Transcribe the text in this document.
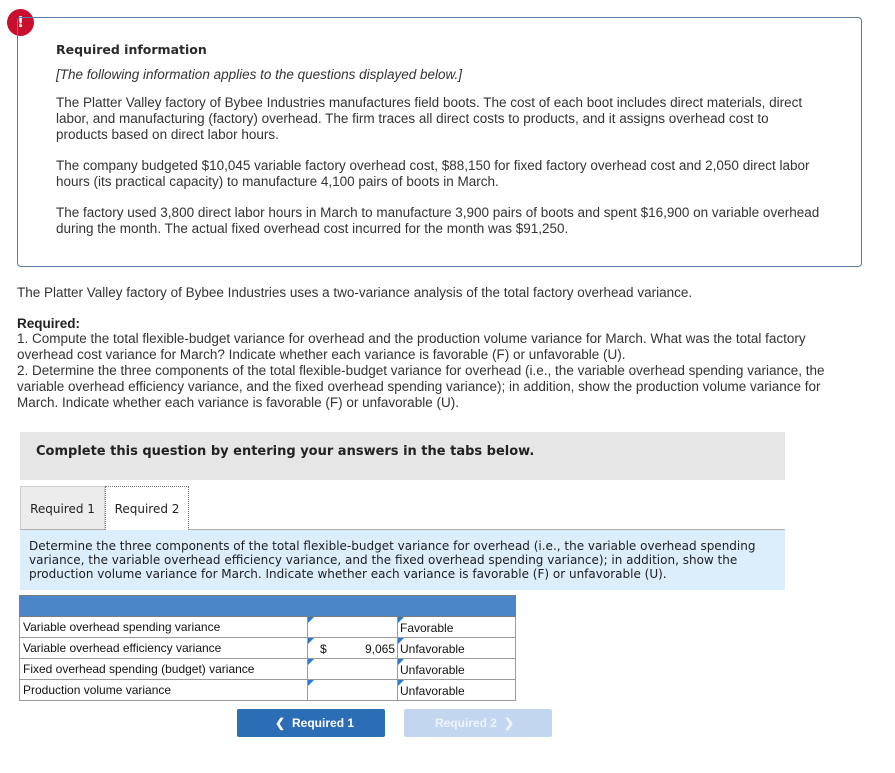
!
Required information
[The following information applies to the questions displayed below.]
The Platter Valley factory of Bybee Industries manufactures field boots. The cost of each boot includes direct materials, direct labor, and manufacturing (factory) overhead. The firm traces all direct costs to products, and it assigns overhead cost to products based on direct labor hours.
The company budgeted $10,045 variable factory overhead cost, $88,150 for fixed factory overhead cost and 2,050 direct labor hours (its practical capacity) to manufacture 4,100 pairs of boots in March.
The factory used 3,800 direct labor hours in March to manufacture 3,900 pairs of boots and spent $16,900 on variable overhead during the month. The actual fixed overhead cost incurred for the month was $91,250.
The Platter Valley factory of Bybee Industries uses a two-variance analysis of the total factory overhead variance.
Required:
1. Compute the total flexible-budget variance for overhead and the production volume variance for March. What was the total factory overhead cost variance for March? Indicate whether each variance is favorable (F) or unfavorable (U).
2. Determine the three components of the total flexible-budget variance for overhead (i.e., the variable overhead spending variance, the variable overhead efficiency variance, and the fixed overhead spending variance); in addition, show the production volume variance for March. Indicate whether each variance is favorable (F) or unfavorable (U).
Complete this question by entering your answers in the tabs below.
Required 1	Required 2
Determine the three components of the total flexible-budget variance for overhead (i.e., the variable overhead spending variance, the variable overhead efficiency variance, and the fixed overhead spending variance); in addition, show the production volume variance for March. Indicate whether each variance is favorable (F) or unfavorable (U).

Variable overhead spending variance		Favorable

Variable overhead efficiency variance	$ 9,065	Unfavorable

Fixed overhead spending (budget) variance		Unfavorable

Production volume variance		Unfavorable
❮ Required 1	Required 2 ❯
